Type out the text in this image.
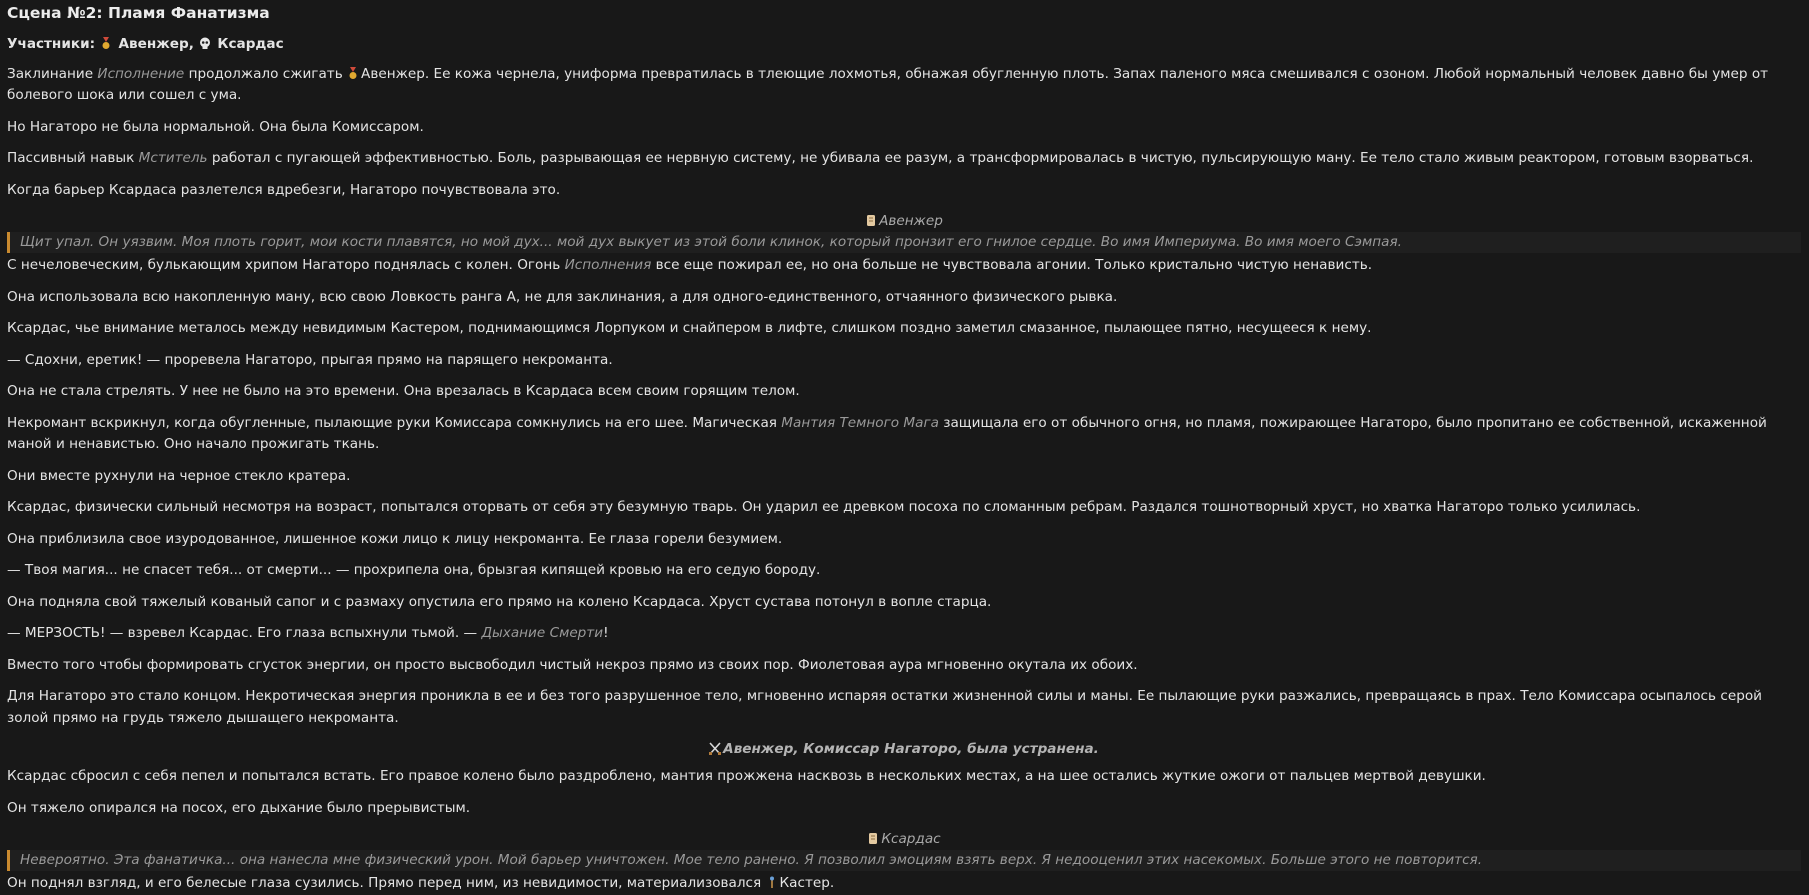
Сцена №2: Пламя Фанатизма
Участники: Авенжер, Ксардас

Заклинание Исполнение продолжало сжигать Авенжер. Ее кожа чернела, униформа превратилась в тлеющие лохмотья, обнажая обугленную плоть. Запах паленого мяса смешивался с озоном. Любой нормальный человек давно бы умер от болевого шока или сошел с ума.

Но Нагаторо не была нормальной. Она была Комиссаром.

Пассивный навык Мститель работал с пугающей эффективностью. Боль, разрывающая ее нервную систему, не убивала ее разум, а трансформировалась в чистую, пульсирующую ману. Ее тело стало живым реактором, готовым взорваться.

Когда барьер Ксардаса разлетелся вдребезги, Нагаторо почувствовала это.

Авенжер
Щит упал. Он уязвим. Моя плоть горит, мои кости плавятся, но мой дух... мой дух выкует из этой боли клинок, который пронзит его гнилое сердце. Во имя Империума. Во имя моего Сэмпая.

С нечеловеческим, булькающим хрипом Нагаторо поднялась с колен. Огонь Исполнения все еще пожирал ее, но она больше не чувствовала агонии. Только кристально чистую ненависть.

Она использовала всю накопленную ману, всю свою Ловкость ранга A, не для заклинания, а для одного-единственного, отчаянного физического рывка.

Ксардас, чье внимание металось между невидимым Кастером, поднимающимся Лорпуком и снайпером в лифте, слишком поздно заметил смазанное, пылающее пятно, несущееся к нему.

— Сдохни, еретик! — проревела Нагаторо, прыгая прямо на парящего некроманта.

Она не стала стрелять. У нее не было на это времени. Она врезалась в Ксардаса всем своим горящим телом.

Некромант вскрикнул, когда обугленные, пылающие руки Комиссара сомкнулись на его шее. Магическая Мантия Темного Мага защищала его от обычного огня, но пламя, пожирающее Нагаторо, было пропитано ее собственной, искаженной маной и ненавистью. Оно начало прожигать ткань.

Они вместе рухнули на черное стекло кратера.

Ксардас, физически сильный несмотря на возраст, попытался оторвать от себя эту безумную тварь. Он ударил ее древком посоха по сломанным ребрам. Раздался тошнотворный хруст, но хватка Нагаторо только усилилась.

Она приблизила свое изуродованное, лишенное кожи лицо к лицу некроманта. Ее глаза горели безумием.

— Твоя магия... не спасет тебя... от смерти... — прохрипела она, брызгая кипящей кровью на его седую бороду.

Она подняла свой тяжелый кованый сапог и с размаху опустила его прямо на колено Ксардаса. Хруст сустава потонул в вопле старца.

— МЕРЗОСТЬ! — взревел Ксардас. Его глаза вспыхнули тьмой. — Дыхание Смерти!

Вместо того чтобы формировать сгусток энергии, он просто высвободил чистый некроз прямо из своих пор. Фиолетовая аура мгновенно окутала их обоих.

Для Нагаторо это стало концом. Некротическая энергия проникла в ее и без того разрушенное тело, мгновенно испаряя остатки жизненной силы и маны. Ее пылающие руки разжались, превращаясь в прах. Тело Комиссара осыпалось серой золой прямо на грудь тяжело дышащего некроманта.

Авенжер, Комиссар Нагаторо, была устранена.

Ксардас сбросил с себя пепел и попытался встать. Его правое колено было раздроблено, мантия прожжена насквозь в нескольких местах, а на шее остались жуткие ожоги от пальцев мертвой девушки.

Он тяжело опирался на посох, его дыхание было прерывистым.

Ксардас
Невероятно. Эта фанатичка... она нанесла мне физический урон. Мой барьер уничтожен. Мое тело ранено. Я позволил эмоциям взять верх. Я недооценил этих насекомых. Больше этого не повторится.

Он поднял взгляд, и его белесые глаза сузились. Прямо перед ним, из невидимости, материализовался Кастер.
